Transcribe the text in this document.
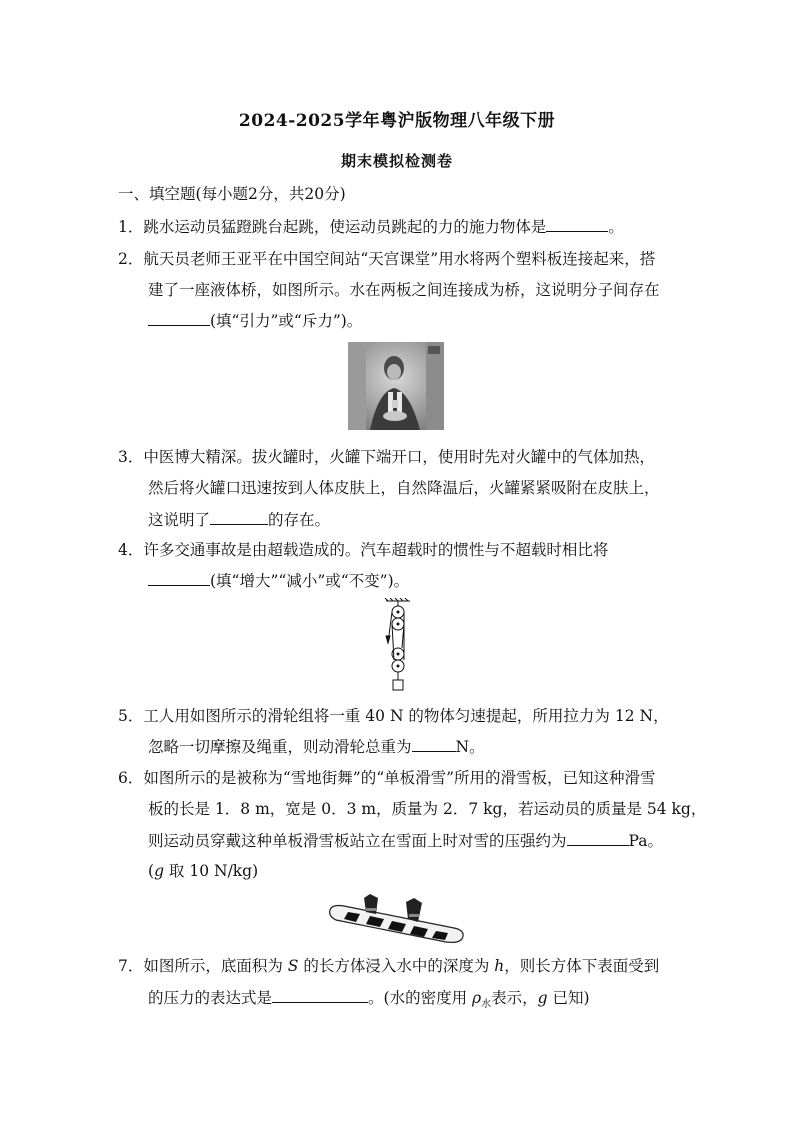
2024-2025学年粤沪版物理八年级下册
期末模拟检测卷
一、填空题(每小题2分，共20分)
1．跳水运动员猛蹬跳台起跳，使运动员跳起的力的施力物体是	。
2．航天员老师王亚平在中国空间站“天宫课堂”用水将两个塑料板连接起来，搭
建了一座液体桥，如图所示。水在两板之间连接成为桥，这说明分子间存在
(填“引力”或“斥力”)。
3．中医博大精深。拔火罐时，火罐下端开口，使用时先对火罐中的气体加热，
然后将火罐口迅速按到人体皮肤上，自然降温后，火罐紧紧吸附在皮肤上，
这说明了	的存在。
4．许多交通事故是由超载造成的。汽车超载时的惯性与不超载时相比将
(填“增大”“减小”或“不变”)。
5．工人用如图所示的滑轮组将一重 40 N 的物体匀速提起，所用拉力为 12 N，
忽略一切摩擦及绳重，则动滑轮总重为	N。
6．如图所示的是被称为“雪地街舞”的“单板滑雪”所用的滑雪板，已知这种滑雪
板的长是 1．8 m，宽是 0．3 m，质量为 2．7 kg，若运动员的质量是 54 kg，
则运动员穿戴这种单板滑雪板站立在雪面上时对雪的压强约为	Pa。
(g 取 10 N/kg)
7．如图所示，底面积为 S 的长方体浸入水中的深度为 h，则长方体下表面受到
的压力的表达式是	。(水的密度用 $\rho_水$表示，g 已知)
